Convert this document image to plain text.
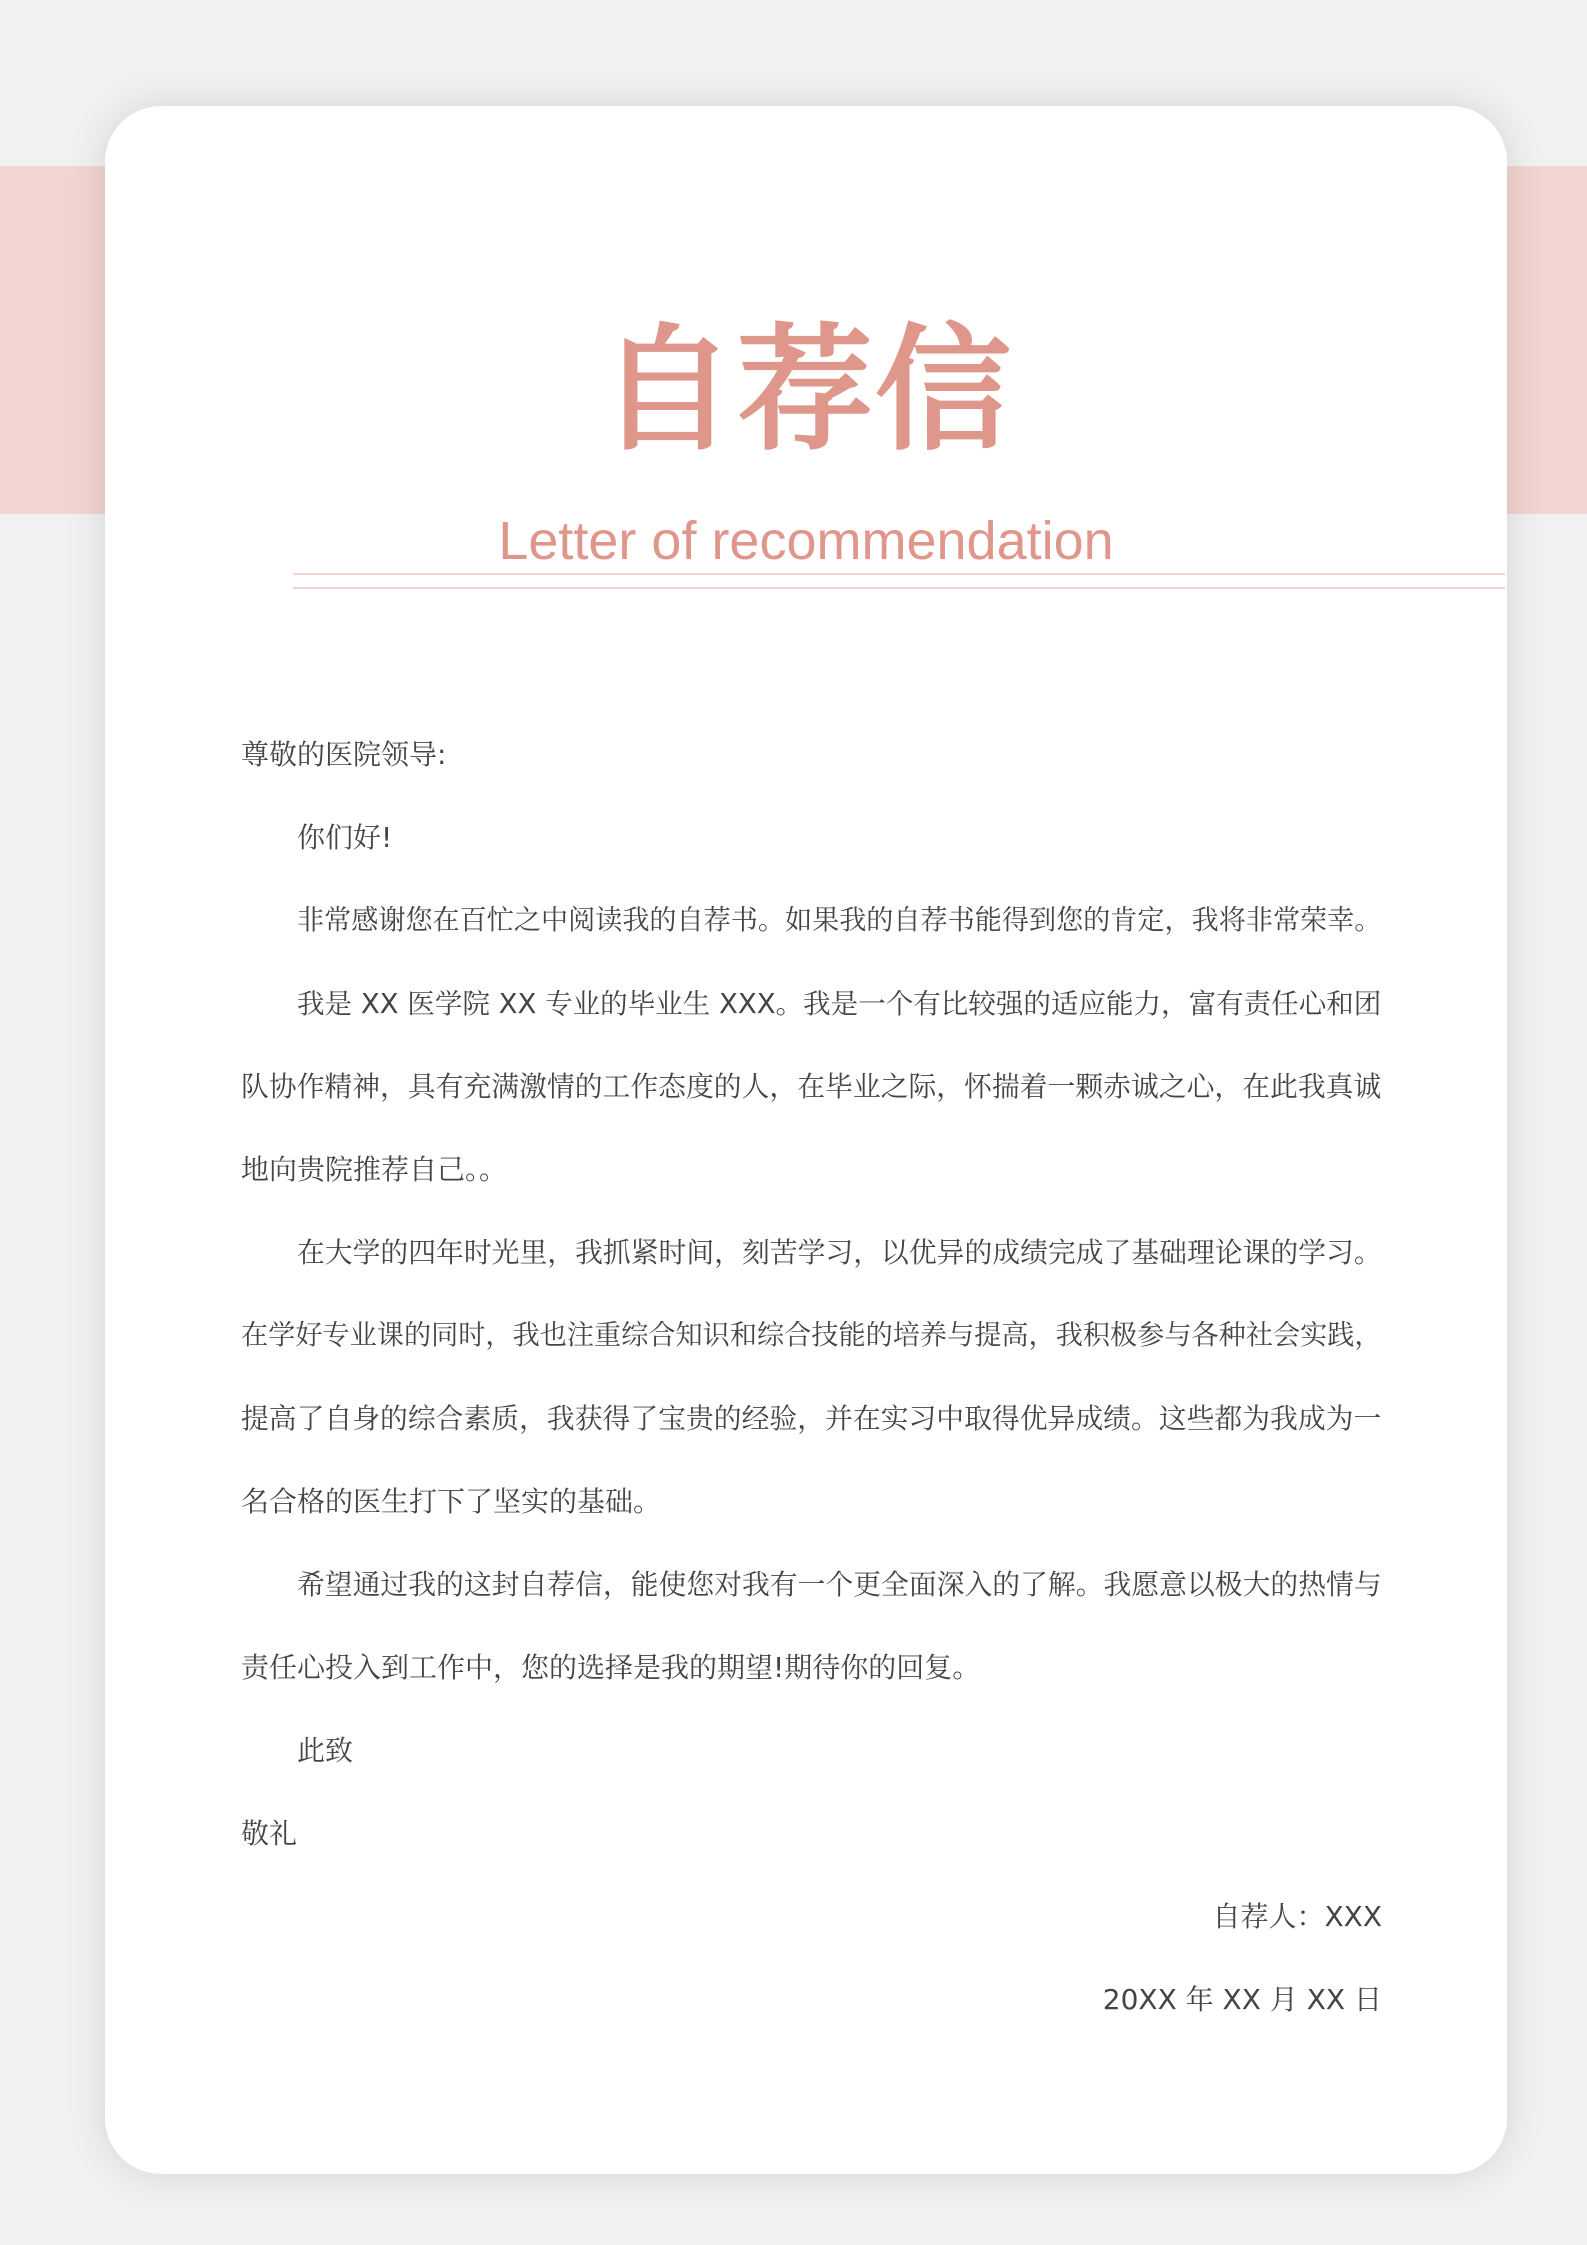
自荐信
Letter of recommendation
尊敬的医院领导:
你们好!
非常感谢您在百忙之中阅读我的自荐书。如果我的自荐书能得到您的肯定，我将非常荣幸。
我是 XX 医学院 XX 专业的毕业生 XXX。我是一个有比较强的适应能力，富有责任心和团
队协作精神，具有充满激情的工作态度的人，在毕业之际，怀揣着一颗赤诚之心，在此我真诚
地向贵院推荐自己。。
在大学的四年时光里，我抓紧时间，刻苦学习，以优异的成绩完成了基础理论课的学习。
在学好专业课的同时，我也注重综合知识和综合技能的培养与提高，我积极参与各种社会实践，
提高了自身的综合素质，我获得了宝贵的经验，并在实习中取得优异成绩。这些都为我成为一
名合格的医生打下了坚实的基础。
希望通过我的这封自荐信，能使您对我有一个更全面深入的了解。我愿意以极大的热情与
责任心投入到工作中，您的选择是我的期望!期待你的回复。
此致
敬礼
自荐人：XXX
20XX 年 XX 月 XX 日
